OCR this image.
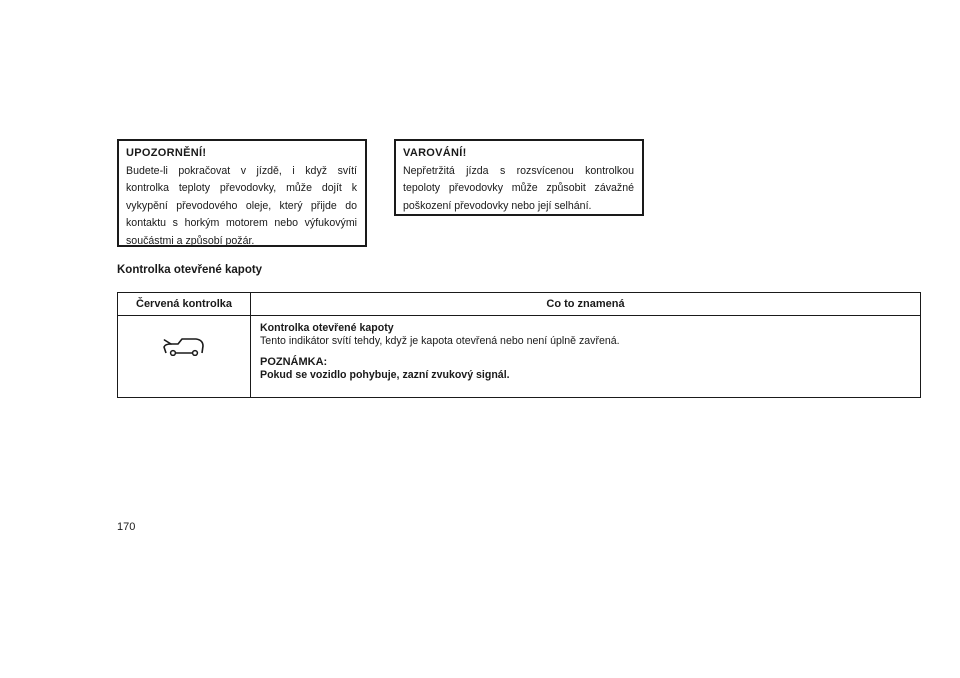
UPOZORNĚNÍ!
Budete-li pokračovat v jízdě, i když svítí kontrolka teploty převodovky, může dojít k vykypění převodového oleje, který přijde do kontaktu s horkým motorem nebo výfukovými součástmi a způsobí požár.
VAROVÁNÍ!
Nepřetržitá jízda s rozsvícenou kontrolkou tepoloty převodovky může způsobit závažné poškození převodovky nebo její selhání.
Kontrolka otevřené kapoty
Červená kontrolka	Co to znamená

Kontrolka otevřené kapoty
Tento indikátor svítí tehdy, když je kapota otevřená nebo není úplně zavřená.
POZNÁMKA:
Pokud se vozidlo pohybuje, zazní zvukový signál.
170
